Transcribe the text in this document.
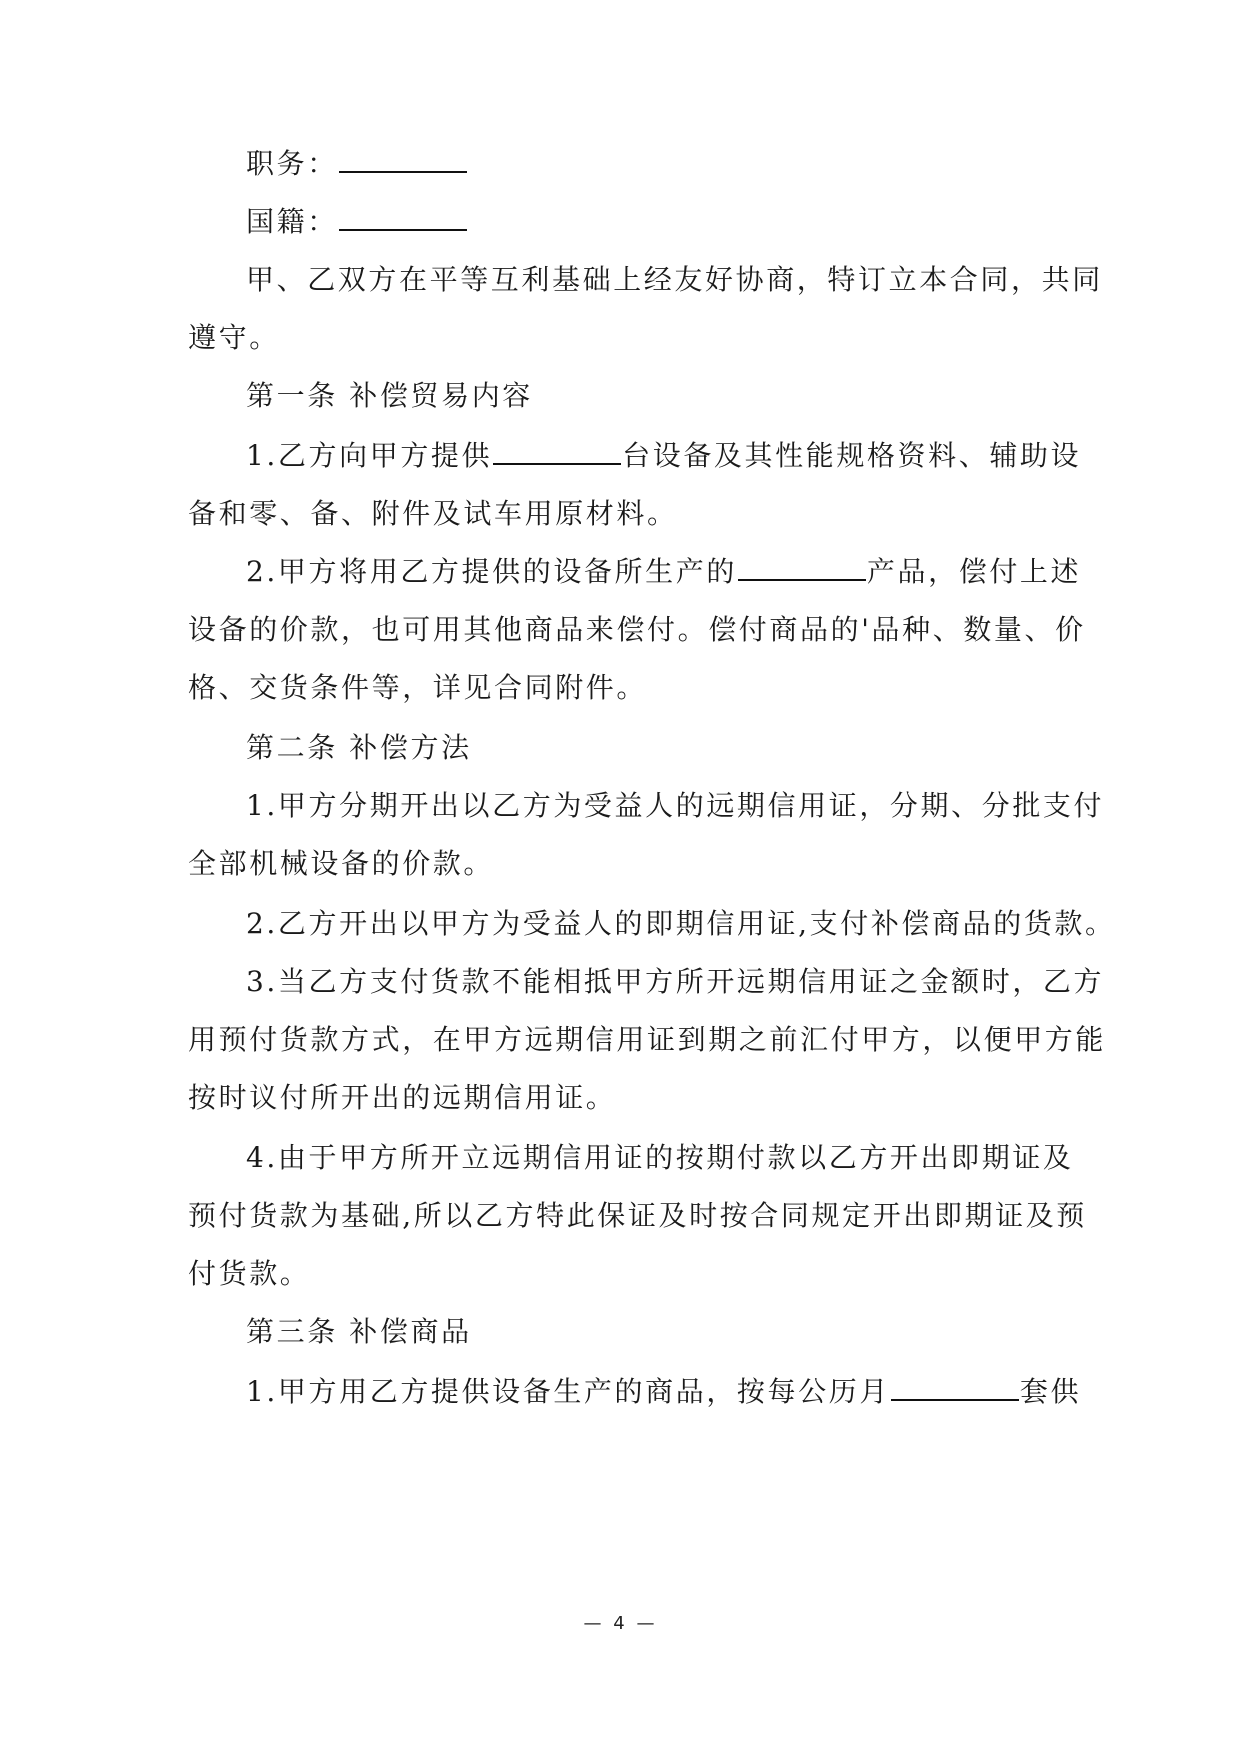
职务：
国籍：
甲、乙双方在平等互利基础上经友好协商，特订立本合同，共同
遵守。
第一条 补偿贸易内容
1.乙方向甲方提供	台设备及其性能规格资料、辅助设
备和零、备、附件及试车用原材料。
2.甲方将用乙方提供的设备所生产的	产品，偿付上述
设备的价款，也可用其他商品来偿付。偿付商品的'品种、数量、价
格、交货条件等，详见合同附件。
第二条 补偿方法
1.甲方分期开出以乙方为受益人的远期信用证，分期、分批支付
全部机械设备的价款。
2.乙方开出以甲方为受益人的即期信用证,支付补偿商品的货款。
3.当乙方支付货款不能相抵甲方所开远期信用证之金额时，乙方
用预付货款方式，在甲方远期信用证到期之前汇付甲方，以便甲方能
按时议付所开出的远期信用证。
4.由于甲方所开立远期信用证的按期付款以乙方开出即期证及
预付货款为基础,所以乙方特此保证及时按合同规定开出即期证及预
付货款。
第三条 补偿商品
1.甲方用乙方提供设备生产的商品，按每公历月	套供
— 4 —
